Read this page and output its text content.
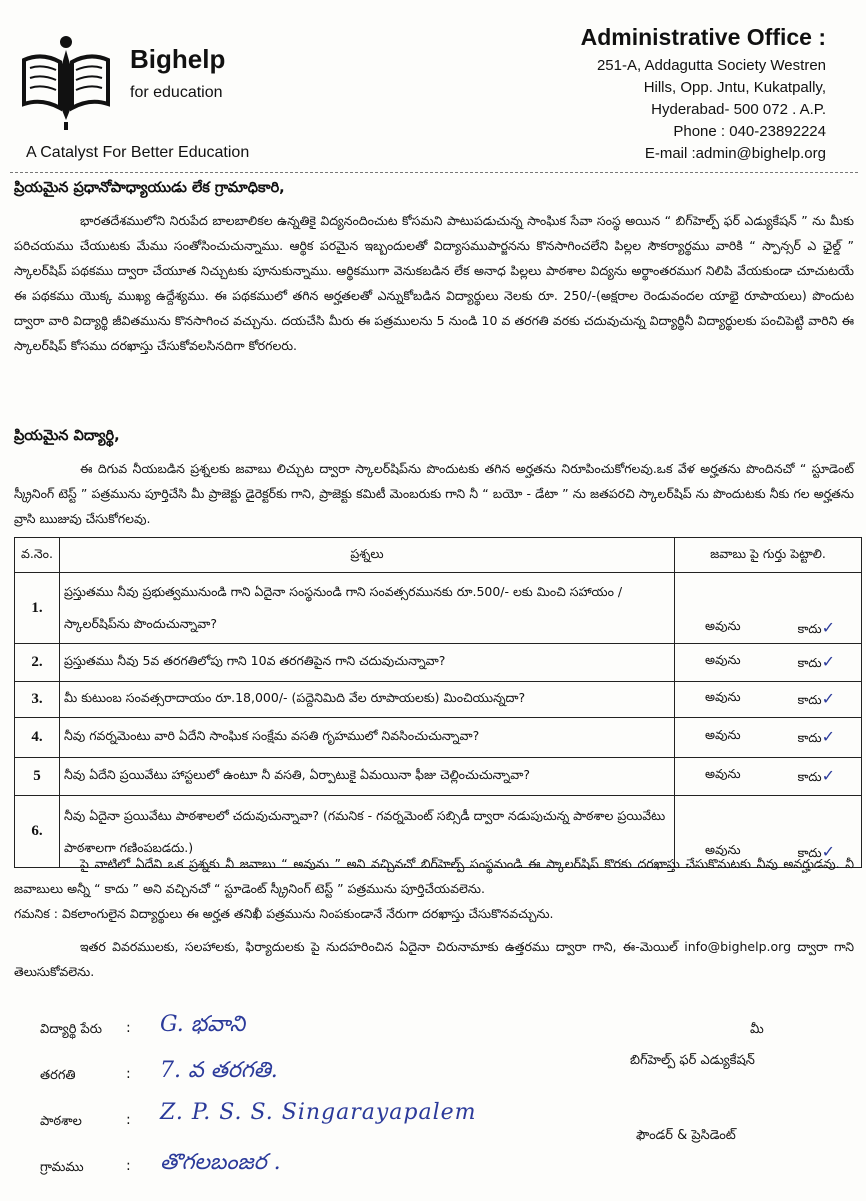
Bighelp
for education
A Catalyst For Better Education
Administrative Office :
251-A, Addagutta Society Westren
Hills, Opp. Jntu, Kukatpally,
Hyderabad- 500 072 . A.P.
Phone : 040-23892224
E-mail :admin@bighelp.org
ప్రియమైన ప్రధానోపాధ్యాయుడు లేక గ్రామాధికారి,
భారతదేశములోని నిరుపేద బాలబాలికల ఉన్నతికై విద్యనందించుట కోసమని పాటుపడుచున్న సాంఘిక సేవా సంస్థ అయిన “ బిగ్‌హెల్ప్ ఫర్ ఎడ్యుకేషన్ ” ను మీకు పరిచయము చేయుటకు మేము సంతోసించుచున్నాము. ఆర్థిక పరమైన ఇబ్బందులతో విద్యాసముపార్జనను కొనసాగించలేని పిల్లల సౌకర్యార్థము వారికి “ స్పాన్సర్ ఎ ఛైల్డ్ ” స్కాలర్‌షిప్ పథకము ద్వారా చేయూత నిచ్చుటకు పూనుకున్నాము. ఆర్థికముగా వెనుకబడిన లేక అనాధ పిల్లలు పాఠశాల విద్యను అర్థాంతరముగ నిలిపి వేయకుండా చూచుటయే ఈ పథకము యొక్క ముఖ్య ఉద్దేశ్యము. ఈ పథకములో తగిన అర్హతలతో ఎన్నుకోబడిన విద్యార్థులు నెలకు రూ. 250/-(అక్షరాల రెండువందల యాభై రూపాయలు) పొందుట ద్వారా వారి విద్యార్థి జీవితమును కొనసాగించ వచ్చును. దయచేసి మీరు ఈ పత్రములను 5 నుండి 10 వ తరగతి వరకు చదువుచున్న విద్యార్థినీ విద్యార్థులకు పంచిపెట్టి వారిని ఈ స్కాలర్‌షిప్ కోసము దరఖాస్తు చేసుకోవలసినదిగా కోరగలరు.
ప్రియమైన విద్యార్థి,
ఈ దిగువ నీయబడిన ప్రశ్నలకు జవాబు లిచ్చుట ద్వారా స్కాలర్‌షిప్‌ను పొందుటకు తగిన అర్హతను నిరూపించుకోగలవు.ఒక వేళ అర్హతను పొందినచో “ స్టూడెంట్ స్క్రీనింగ్ టెస్ట్ ” పత్రమును పూర్తిచేసి మీ ప్రాజెక్టు డైరెక్టర్‌కు గాని, ప్రాజెక్టు కమిటీ మెంబరుకు గాని నీ “ బయో - డేటా ” ను జతపరచి స్కాలర్‌షిప్ ను పొందుటకు నీకు గల అర్హతను వ్రాసి ఋజువు చేసుకోగలవు.
వ.నెం.	ప్రశ్నలు	జవాబు పై గుర్తు పెట్టాలి.
1.	ప్రస్తుతము నీవు ప్రభుత్వమునుండి గాని ఏదైనా సంస్థనుండి గాని సంవత్సరమునకు రూ.500/- లకు మించి సహాయం / స్కాలర్‌షిప్‌ను పొందుచున్నావా?	అవును కాదు✓

2.	ప్రస్తుతము నీవు 5వ తరగతిలోపు గాని 10వ తరగతిపైన గాని చదువుచున్నావా?	అవును కాదు✓

3.	మీ కుటుంబ సంవత్సరాదాయం రూ.18,000/- (పద్దెనిమిది వేల రూపాయలకు) మించియున్నదా?	అవును కాదు✓

4.	నీవు గవర్నమెంటు వారి ఏదేని సాంఘిక సంక్షేమ వసతి గృహములో నివసించుచున్నావా?	అవును కాదు✓

5	నీవు ఏదేని ప్రయివేటు హాస్టలులో ఉంటూ నీ వసతి, ఏర్పాటుకై ఏమయినా ఫీజు చెల్లించుచున్నావా?	అవును కాదు✓

6.	నీవు ఏదైనా ప్రయివేటు పాఠశాలలో చదువుచున్నావా? (గమనిక - గవర్నమెంట్ సబ్సిడీ ద్వారా నడుపుచున్న పాఠశాల ప్రయివేటు పాఠశాలగా గణింపబడదు.)	అవును కాదు✓
పై వాటిలో ఏదేని ఒక ప్రశ్నకు నీ జవాబు “ అవును ” అని వచ్చినచో బిగ్‌హెల్ప్ సంస్థనుండి ఈ స్కాలర్‌షిప్ కొరకు దరఖాస్తు చేసుకొనుటకు నీవు అనర్హుడవు. నీ జవాబులు అన్నీ “ కాదు ” అని వచ్చినచో “ స్టూడెంట్ స్క్రీనింగ్ టెస్ట్ ” పత్రమును పూర్తిచేయవలెను.
గమనిక : వికలాంగులైన విద్యార్థులు ఈ అర్హత తనిఖీ పత్రమును నింపకుండానే నేరుగా దరఖాస్తు చేసుకొనవచ్చును.
ఇతర వివరములకు, సలహాలకు, ఫిర్యాదులకు పై నుదహరించిన ఏదైనా చిరునామాకు ఉత్తరము ద్వారా గాని, ఈ-మెయిల్ info@bighelp.org ద్వారా గాని తెలుసుకోవలెను.
విద్యార్థి పేరు : G. భవాని
తరగతి	: 7. వ తరగతి.
పాఠశాల	: Z. P. S. S. Singarayapalem
గ్రామము	: తొగలబంజర .
మీ
బిగ్‌హెల్ప్ ఫర్ ఎడ్యుకేషన్
ఫౌండర్ & ప్రెసిడెంట్
